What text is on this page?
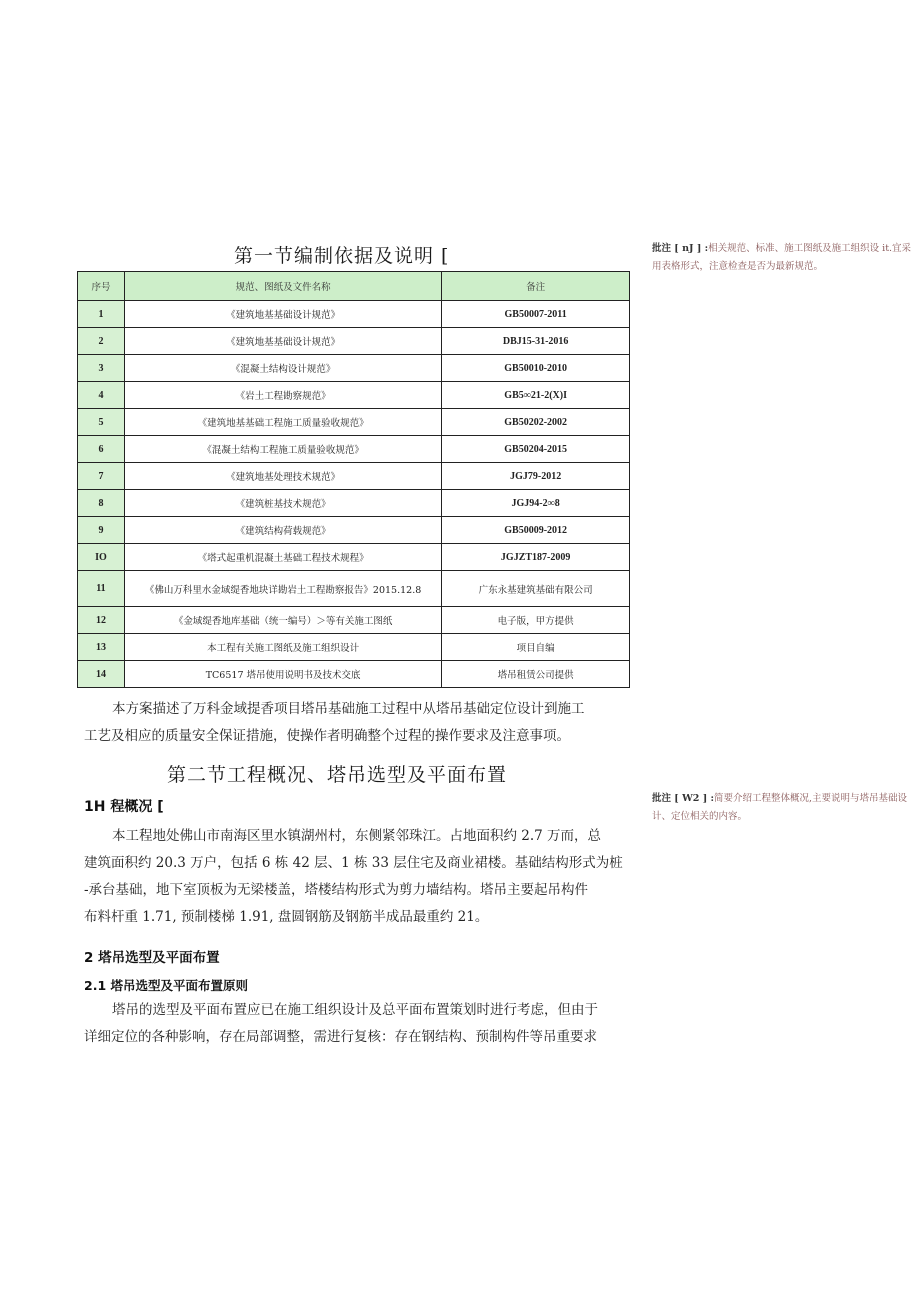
第一节编制依据及说明 [	批注 [ nJ ] :相关规范、标准、施工图纸及施工组织设 it.宜采用表格形式，注意检查是否为最新规范。
序号	规范、图纸及文件名称	备注
1	《建筑地基基础设计规范》	GB50007-2011
2	《建筑地基基础设计规范》	DBJ15-31-2016
3	《混凝土结构设计规范》	GB50010-2010
4	《岩土工程勘察规范》	GB5∞21-2(X)I
5	《建筑地基基础工程施工质量验收规范》	GB50202-2002
6	《混凝土结构工程施工质量验收规范》	GB50204-2015
7	《建筑地基处理技术规范》	JGJ79-2012
8	《建筑桩基技术规范》	JGJ94-2∞8
9	《建筑结构荷载规范》	GB50009-2012
IO	《塔式起重机混凝土基础工程技术规程》	JGJZT187-2009
11	《佛山万科里水金域缇香地块详勘岩土工程勘察报告》2015.12.8	广东永基建筑基础有限公司
12	《金域缇香地库基础（统一编号）＞等有关施工图纸	电子版，甲方提供
13	本工程有关施工图纸及施工组织设计	项目自编
14	TC6517 塔吊使用说明书及技术交底	塔吊租赁公司提供
本方案描述了万科金域提香项目塔吊基础施工过程中从塔吊基础定位设计到施工
工艺及相应的质量安全保证措施，使操作者明确整个过程的操作要求及注意事项。
第二节工程概况、塔吊选型及平面布置
批注 [ W2 ] :简要介绍工程整体概况,主要说明与塔吊基础设计、定位相关的内容。
1H 程概况 [
本工程地处佛山市南海区里水镇湖州村，东侧紧邻珠江。占地面积约 2.7 万而，总
建筑面积约 20.3 万户，包括 6 栋 42 层、1 栋 33 层住宅及商业裙楼。基础结构形式为桩
-承台基础，地下室顶板为无梁楼盖，塔楼结构形式为剪力墙结构。塔吊主要起吊构件
布料杆重 1.71, 预制楼梯 1.91, 盘圆钢筋及钢筋半成品最重约 21。
2 塔吊选型及平面布置
2.1 塔吊选型及平面布置原则
塔吊的选型及平面布置应已在施工组织设计及总平面布置策划时进行考虑，但由于
详细定位的各种影响，存在局部调整，需进行复核：存在钢结构、预制构件等吊重要求
